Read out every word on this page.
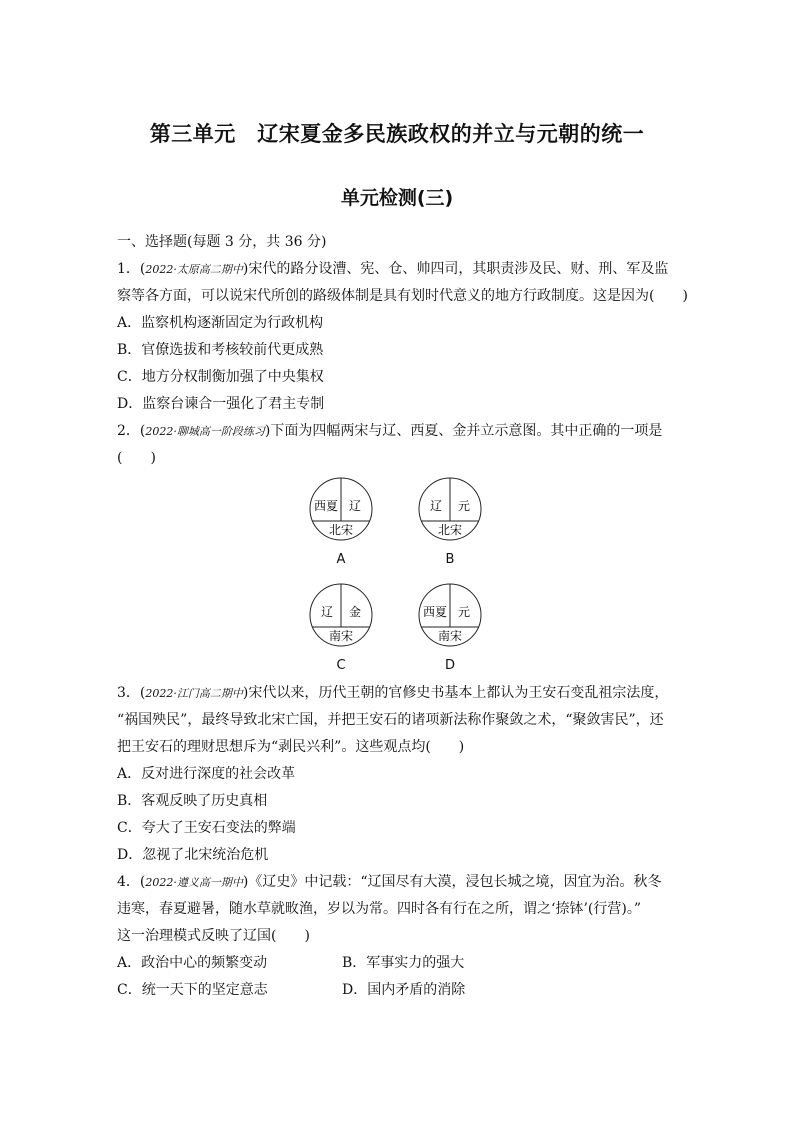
第三单元　辽宋夏金多民族政权的并立与元朝的统一
单元检测(三)
一、选择题(每题 3 分，共 36 分)
1．(2022·太原高二期中)宋代的路分设漕、宪、仓、帅四司，其职责涉及民、财、刑、军及监
察等各方面，可以说宋代所创的路级体制是具有划时代意义的地方行政制度。这是因为(　　)
A．监察机构逐渐固定为行政机构
B．官僚选拔和考核较前代更成熟
C．地方分权制衡加强了中央集权
D．监察台谏合一强化了君主专制
2．(2022·聊城高一阶段练习)下面为四幅两宋与辽、西夏、金并立示意图。其中正确的一项是
(　　)
西夏 辽
北宋
A
辽 元
北宋
B
辽 金
南宋
C
西夏 元
南宋
D
3．(2022·江门高二期中)宋代以来，历代王朝的官修史书基本上都认为王安石变乱祖宗法度，
“祸国殃民”，最终导致北宋亡国，并把王安石的诸项新法称作聚敛之术，“聚敛害民”，还
把王安石的理财思想斥为“剥民兴利”。这些观点均(　　)
A．反对进行深度的社会改革
B．客观反映了历史真相
C．夸大了王安石变法的弊端
D．忽视了北宋统治危机
4．(2022·遵义高一期中)《辽史》中记载：“辽国尽有大漠，浸包长城之境，因宜为治。秋冬
违寒，春夏避暑，随水草就畋渔，岁以为常。四时各有行在之所，谓之‘捺钵’(行营)。”
这一治理模式反映了辽国(　　)
A．政治中心的频繁变动	B．军事实力的强大
C．统一天下的坚定意志	D．国内矛盾的消除
